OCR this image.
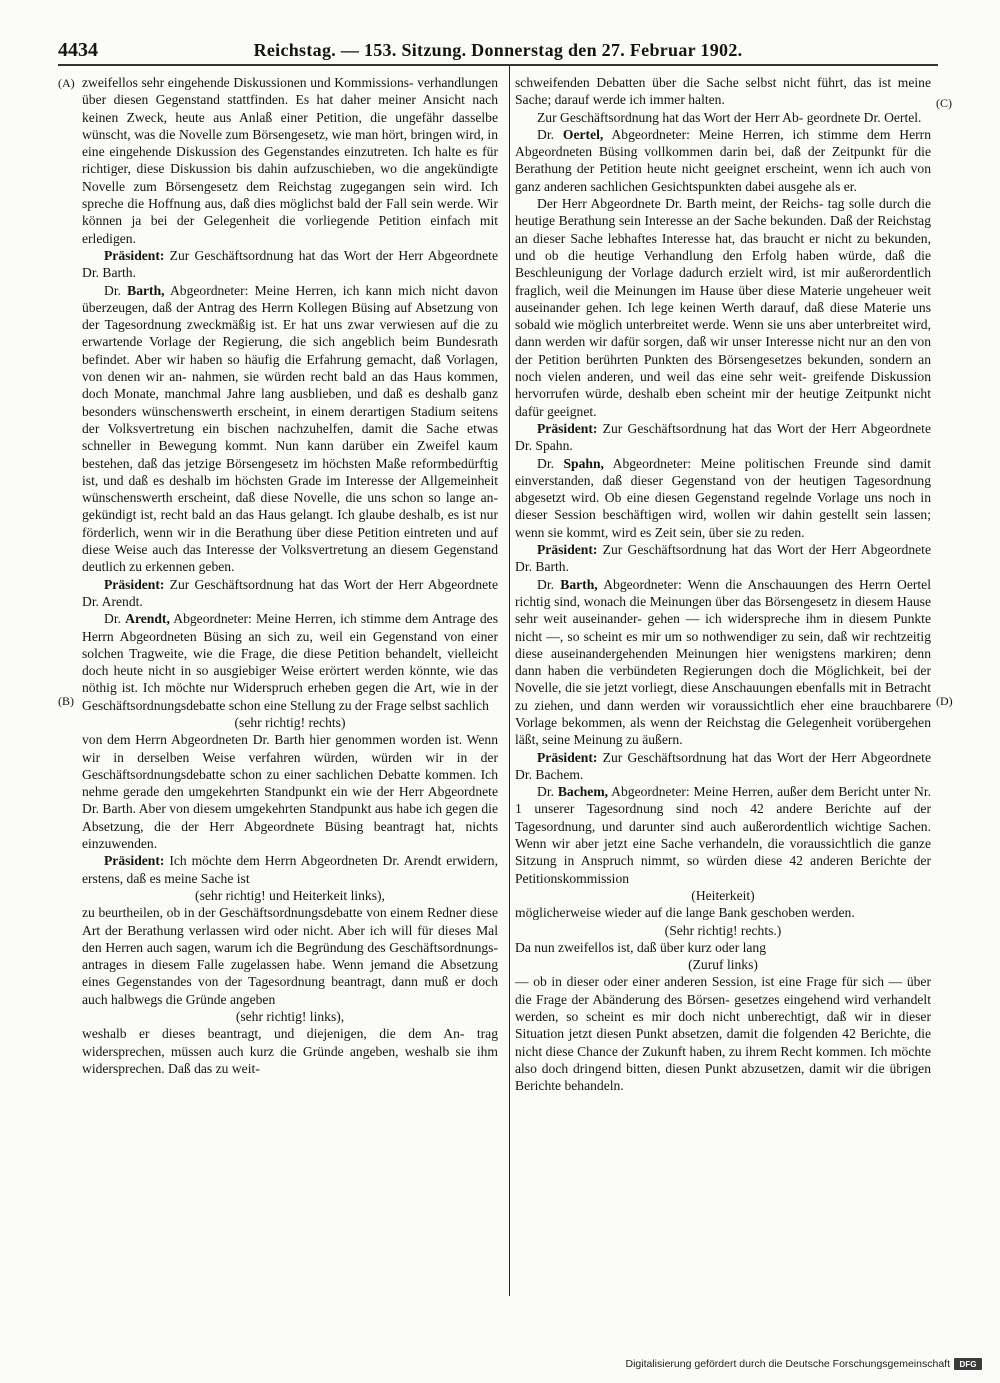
4434	Reichstag. — 153. Sitzung. Donnerstag den 27. Februar 1902.
(A)
(B)
(C)
(D)

zweifellos sehr eingehende Diskussionen und Kommissions- verhandlungen über diesen Gegenstand stattfinden. Es hat daher meiner Ansicht nach keinen Zweck, heute aus Anlaß einer Petition, die ungefähr dasselbe wünscht, was die Novelle zum Börsengesetz, wie man hört, bringen wird, in eine eingehende Diskussion des Gegenstandes einzutreten. Ich halte es für richtiger, diese Diskussion bis dahin aufzuschieben, wo die angekündigte Novelle zum Börsengesetz dem Reichstag zugegangen sein wird. Ich spreche die Hoffnung aus, daß dies möglichst bald der Fall sein werde. Wir können ja bei der Gelegenheit die vorliegende Petition einfach mit erledigen.

Präsident: Zur Geschäftsordnung hat das Wort der Herr Abgeordnete Dr. Barth.

Dr. Barth, Abgeordneter: Meine Herren, ich kann mich nicht davon überzeugen, daß der Antrag des Herrn Kollegen Büsing auf Absetzung von der Tagesordnung zweckmäßig ist. Er hat uns zwar verwiesen auf die zu erwartende Vorlage der Regierung, die sich angeblich beim Bundesrath befindet. Aber wir haben so häufig die Erfahrung gemacht, daß Vorlagen, von denen wir an- nahmen, sie würden recht bald an das Haus kommen, doch Monate, manchmal Jahre lang ausblieben, und daß es deshalb ganz besonders wünschenswerth erscheint, in einem derartigen Stadium seitens der Volksvertretung ein bischen nachzuhelfen, damit die Sache etwas schneller in Bewegung kommt. Nun kann darüber ein Zweifel kaum bestehen, daß das jetzige Börsengesetz im höchsten Maße reformbedürftig ist, und daß es deshalb im höchsten Grade im Interesse der Allgemeinheit wünschenswerth erscheint, daß diese Novelle, die uns schon so lange an- gekündigt ist, recht bald an das Haus gelangt. Ich glaube deshalb, es ist nur förderlich, wenn wir in die Berathung über diese Petition eintreten und auf diese Weise auch das Interesse der Volksvertretung an diesem Gegenstand deutlich zu erkennen geben.

Präsident: Zur Geschäftsordnung hat das Wort der Herr Abgeordnete Dr. Arendt.

Dr. Arendt, Abgeordneter: Meine Herren, ich stimme dem Antrage des Herrn Abgeordneten Büsing an sich zu, weil ein Gegenstand von einer solchen Tragweite, wie die Frage, die diese Petition behandelt, vielleicht doch heute nicht in so ausgiebiger Weise erörtert werden könnte, wie das nöthig ist. Ich möchte nur Widerspruch erheben gegen die Art, wie in der Geschäftsordnungsdebatte schon eine Stellung zu der Frage selbst sachlich

(sehr richtig! rechts)

von dem Herrn Abgeordneten Dr. Barth hier genommen worden ist. Wenn wir in derselben Weise verfahren würden, würden wir in der Geschäftsordnungsdebatte schon zu einer sachlichen Debatte kommen. Ich nehme gerade den umgekehrten Standpunkt ein wie der Herr Abgeordnete Dr. Barth. Aber von diesem umgekehrten Standpunkt aus habe ich gegen die Absetzung, die der Herr Abgeordnete Büsing beantragt hat, nichts einzuwenden.

Präsident: Ich möchte dem Herrn Abgeordneten Dr. Arendt erwidern, erstens, daß es meine Sache ist

(sehr richtig! und Heiterkeit links),

zu beurtheilen, ob in der Geschäftsordnungsdebatte von einem Redner diese Art der Berathung verlassen wird oder nicht. Aber ich will für dieses Mal den Herren auch sagen, warum ich die Begründung des Geschäftsordnungs- antrages in diesem Falle zugelassen habe. Wenn jemand die Absetzung eines Gegenstandes von der Tagesordnung beantragt, dann muß er doch auch halbwegs die Gründe angeben

(sehr richtig! links),

weshalb er dieses beantragt, und diejenigen, die dem An- trag widersprechen, müssen auch kurz die Gründe angeben, weshalb sie ihm widersprechen. Daß das zu weit-

schweifenden Debatten über die Sache selbst nicht führt, das ist meine Sache; darauf werde ich immer halten.

Zur Geschäftsordnung hat das Wort der Herr Ab- geordnete Dr. Oertel.

Dr. Oertel, Abgeordneter: Meine Herren, ich stimme dem Herrn Abgeordneten Büsing vollkommen darin bei, daß der Zeitpunkt für die Berathung der Petition heute nicht geeignet erscheint, wenn ich auch von ganz anderen sachlichen Gesichtspunkten dabei ausgehe als er.

Der Herr Abgeordnete Dr. Barth meint, der Reichs- tag solle durch die heutige Berathung sein Interesse an der Sache bekunden. Daß der Reichstag an dieser Sache lebhaftes Interesse hat, das braucht er nicht zu bekunden, und ob die heutige Verhandlung den Erfolg haben würde, daß die Beschleunigung der Vorlage dadurch erzielt wird, ist mir außerordentlich fraglich, weil die Meinungen im Hause über diese Materie ungeheuer weit auseinander gehen. Ich lege keinen Werth darauf, daß diese Materie uns sobald wie möglich unterbreitet werde. Wenn sie uns aber unterbreitet wird, dann werden wir dafür sorgen, daß wir unser Interesse nicht nur an den von der Petition berührten Punkten des Börsengesetzes bekunden, sondern an noch vielen anderen, und weil das eine sehr weit- greifende Diskussion hervorrufen würde, deshalb eben scheint mir der heutige Zeitpunkt nicht dafür geeignet.

Präsident: Zur Geschäftsordnung hat das Wort der Herr Abgeordnete Dr. Spahn.

Dr. Spahn, Abgeordneter: Meine politischen Freunde sind damit einverstanden, daß dieser Gegenstand von der heutigen Tagesordnung abgesetzt wird. Ob eine diesen Gegenstand regelnde Vorlage uns noch in dieser Session beschäftigen wird, wollen wir dahin gestellt sein lassen; wenn sie kommt, wird es Zeit sein, über sie zu reden.

Präsident: Zur Geschäftsordnung hat das Wort der Herr Abgeordnete Dr. Barth.

Dr. Barth, Abgeordneter: Wenn die Anschauungen des Herrn Oertel richtig sind, wonach die Meinungen über das Börsengesetz in diesem Hause sehr weit auseinander- gehen — ich widerspreche ihm in diesem Punkte nicht —, so scheint es mir um so nothwendiger zu sein, daß wir rechtzeitig diese auseinandergehenden Meinungen hier wenigstens markiren; denn dann haben die verbündeten Regierungen doch die Möglichkeit, bei der Novelle, die sie jetzt vorliegt, diese Anschauungen ebenfalls mit in Betracht zu ziehen, und dann werden wir voraussichtlich eher eine brauchbarere Vorlage bekommen, als wenn der Reichstag die Gelegenheit vorübergehen läßt, seine Meinung zu äußern.

Präsident: Zur Geschäftsordnung hat das Wort der Herr Abgeordnete Dr. Bachem.

Dr. Bachem, Abgeordneter: Meine Herren, außer dem Bericht unter Nr. 1 unserer Tagesordnung sind noch 42 andere Berichte auf der Tagesordnung, und darunter sind auch außerordentlich wichtige Sachen. Wenn wir aber jetzt eine Sache verhandeln, die voraussichtlich die ganze Sitzung in Anspruch nimmt, so würden diese 42 anderen Berichte der Petitionskommission

(Heiterkeit)

möglicherweise wieder auf die lange Bank geschoben werden.

(Sehr richtig! rechts.)

Da nun zweifellos ist, daß über kurz oder lang

(Zuruf links)

— ob in dieser oder einer anderen Session, ist eine Frage für sich — über die Frage der Abänderung des Börsen- gesetzes eingehend wird verhandelt werden, so scheint es mir doch nicht unberechtigt, daß wir in dieser Situation jetzt diesen Punkt absetzen, damit die folgenden 42 Berichte, die nicht diese Chance der Zukunft haben, zu ihrem Recht kommen. Ich möchte also doch dringend bitten, diesen Punkt abzusetzen, damit wir die übrigen Berichte behandeln.

Digitalisierung gefördert durch die Deutsche Forschungsgemeinschaft	DFG
